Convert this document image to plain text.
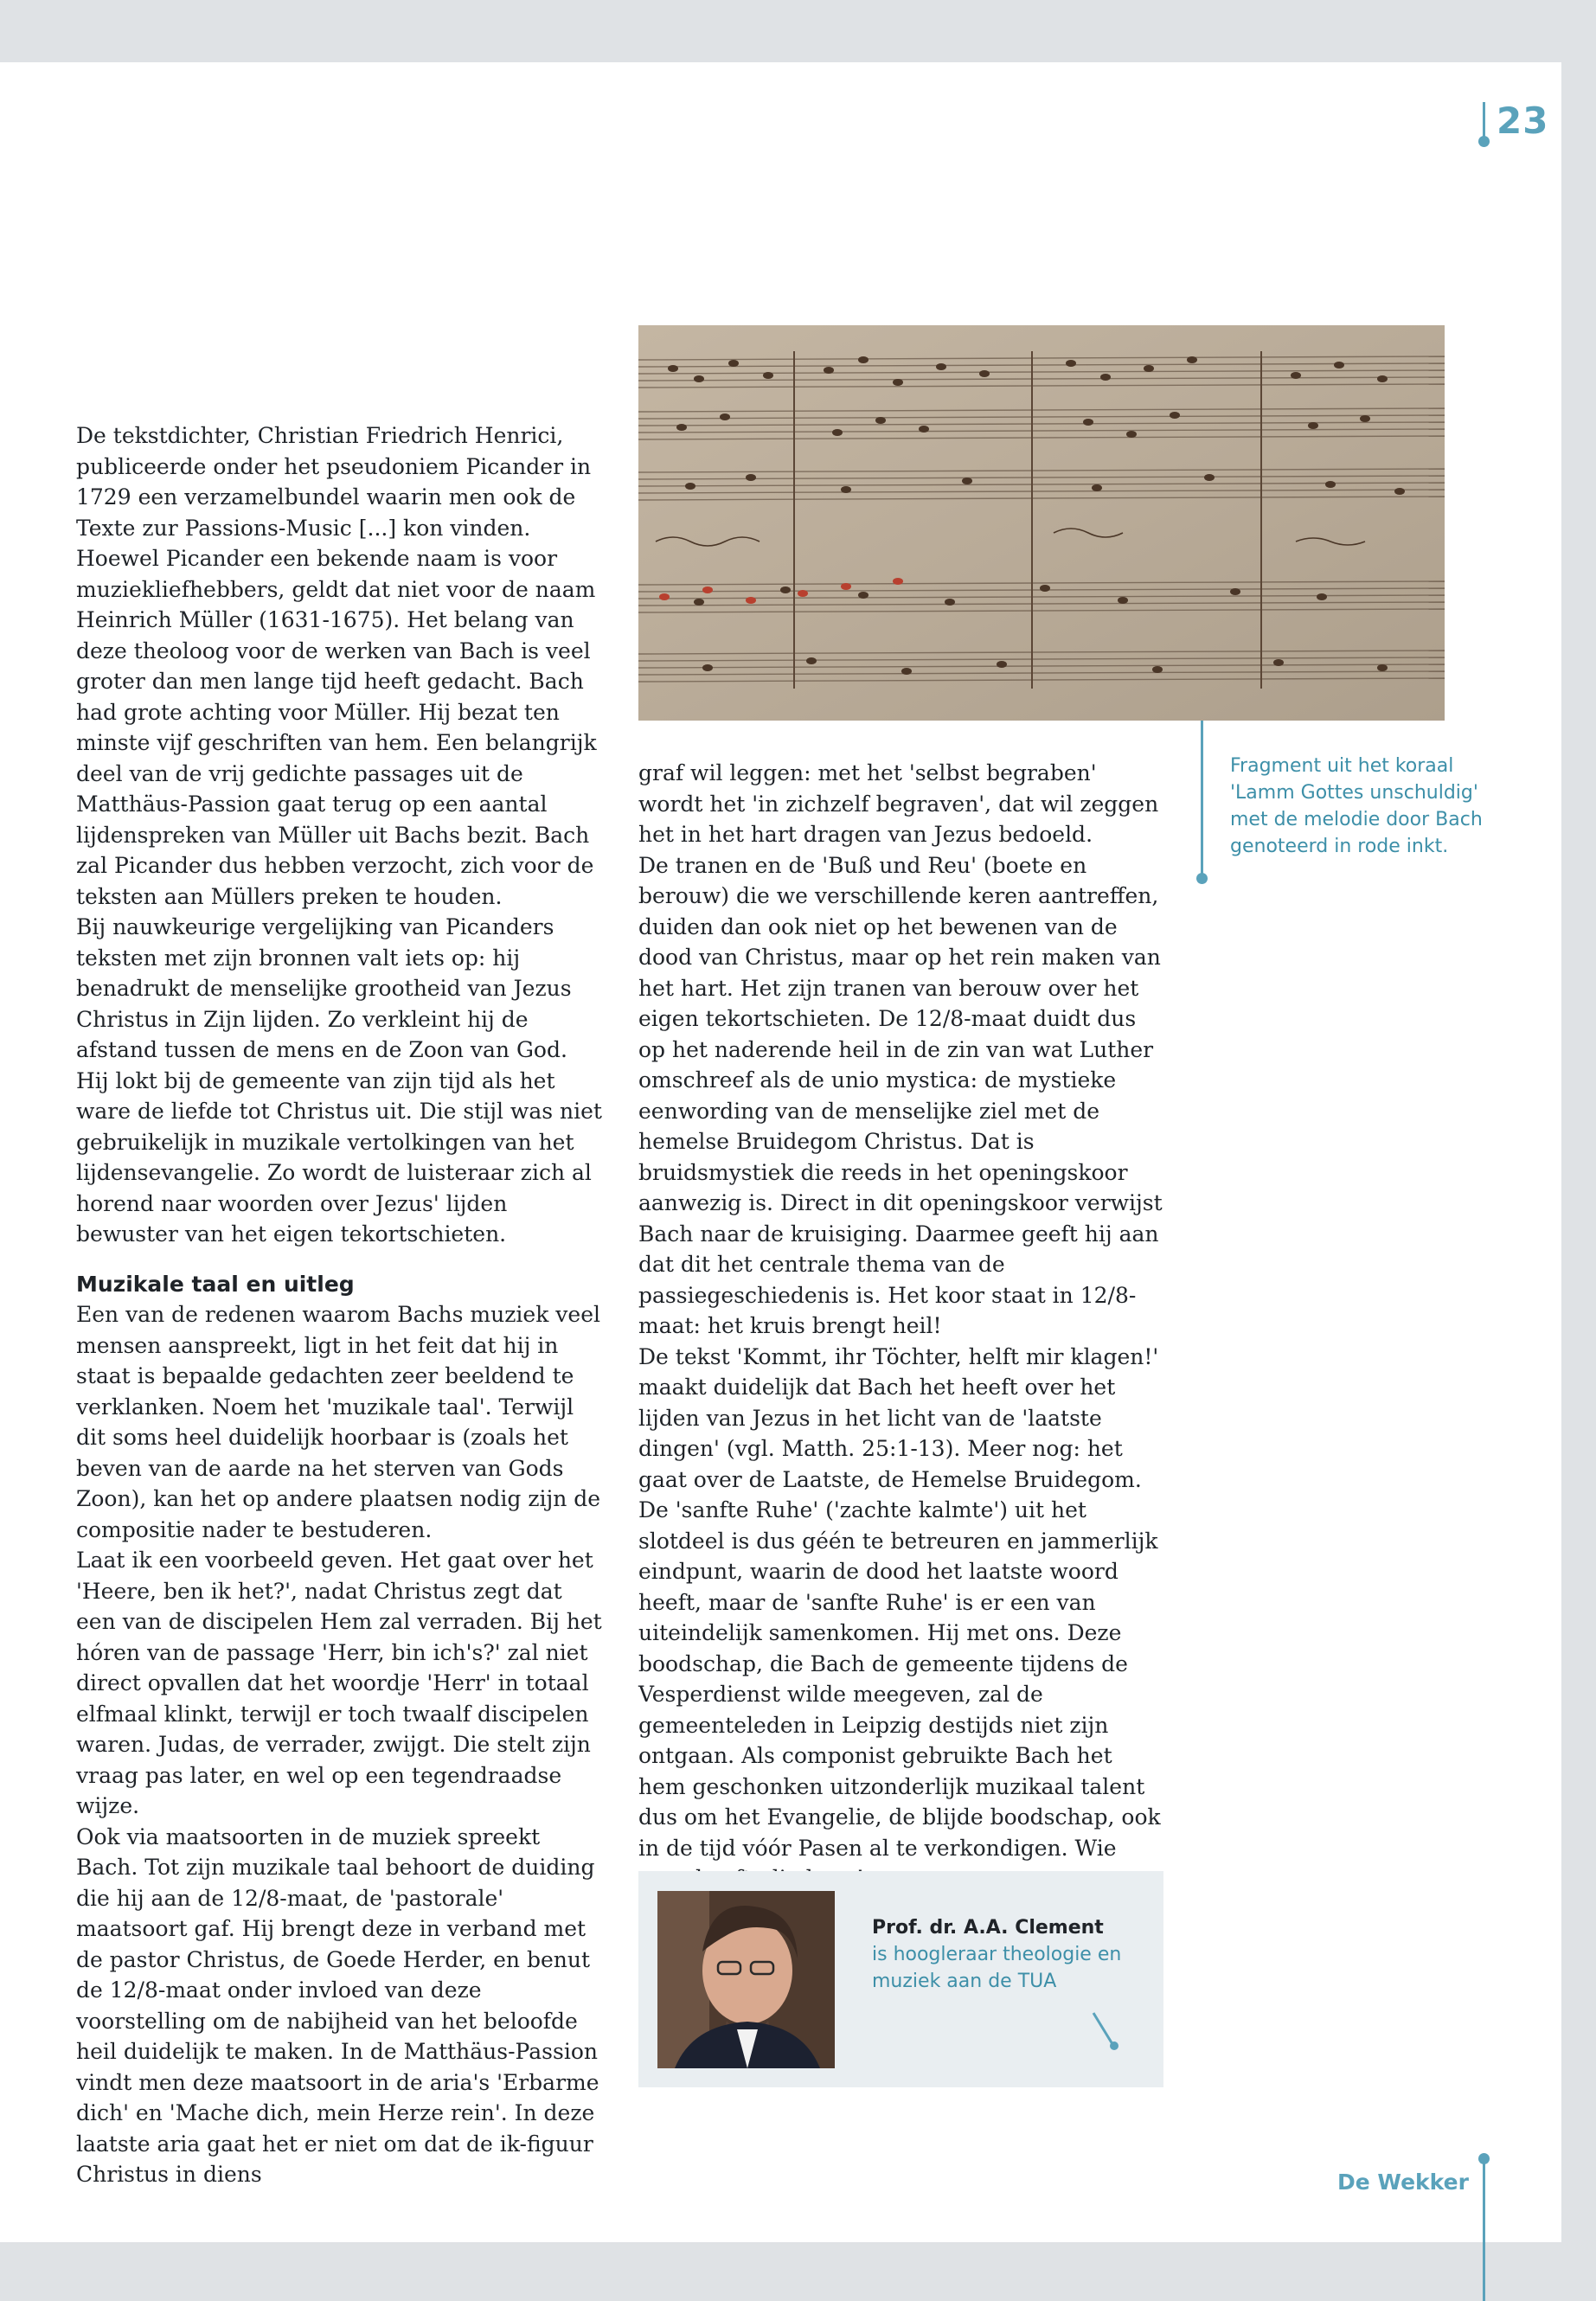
23

De tekstdichter, Christian Friedrich Henrici, publiceerde onder het pseudoniem Picander in 1729 een verzamelbundel waarin men ook de Texte zur Passions-Music [...] kon vinden. Hoewel Picander een bekende naam is voor muziekliefhebbers, geldt dat niet voor de naam Heinrich Müller (1631-1675). Het belang van deze theoloog voor de werken van Bach is veel groter dan men lange tijd heeft gedacht. Bach had grote achting voor Müller. Hij bezat ten minste vijf geschriften van hem. Een belangrijk deel van de vrij gedichte passages uit de Matthäus-Passion gaat terug op een aantal lijdenspreken van Müller uit Bachs bezit. Bach zal Picander dus hebben verzocht, zich voor de teksten aan Müllers preken te houden.

Bij nauwkeurige vergelijking van Picanders teksten met zijn bronnen valt iets op: hij benadrukt de menselijke grootheid van Jezus Christus in Zijn lijden. Zo verkleint hij de afstand tussen de mens en de Zoon van God. Hij lokt bij de gemeente van zijn tijd als het ware de liefde tot Christus uit. Die stijl was niet gebruikelijk in muzikale vertolkingen van het lijdensevangelie. Zo wordt de luisteraar zich al horend naar woorden over Jezus' lijden bewuster van het eigen tekortschieten.

Muzikale taal en uitleg

Een van de redenen waarom Bachs muziek veel mensen aanspreekt, ligt in het feit dat hij in staat is bepaalde gedachten zeer beeldend te verklanken. Noem het 'muzikale taal'. Terwijl dit soms heel duidelijk hoorbaar is (zoals het beven van de aarde na het sterven van Gods Zoon), kan het op andere plaatsen nodig zijn de compositie nader te bestuderen.

Laat ik een voorbeeld geven. Het gaat over het 'Heere, ben ik het?', nadat Christus zegt dat een van de discipelen Hem zal verraden. Bij het hóren van de passage 'Herr, bin ich's?' zal niet direct opvallen dat het woordje 'Herr' in totaal elfmaal klinkt, terwijl er toch twaalf discipelen waren. Judas, de verrader, zwijgt. Die stelt zijn vraag pas later, en wel op een tegendraadse wijze.

Ook via maatsoorten in de muziek spreekt Bach. Tot zijn muzikale taal behoort de duiding die hij aan de 12/8-maat, de 'pastorale' maatsoort gaf. Hij brengt deze in verband met de pastor Christus, de Goede Herder, en benut de 12/8-maat onder invloed van deze voorstelling om de nabijheid van het beloofde heil duidelijk te maken. In de Matthäus-Passion vindt men deze maatsoort in de aria's 'Erbarme dich' en 'Mache dich, mein Herze rein'. In deze laatste aria gaat het er niet om dat de ik-figuur Christus in diens

Fragment uit het koraal 'Lamm Gottes unschuldig' met de melodie door Bach genoteerd in rode inkt.

graf wil leggen: met het 'selbst begraben' wordt het 'in zichzelf begraven', dat wil zeggen het in het hart dragen van Jezus bedoeld.

De tranen en de 'Buß und Reu' (boete en berouw) die we verschillende keren aantreffen, duiden dan ook niet op het bewenen van de dood van Christus, maar op het rein maken van het hart. Het zijn tranen van berouw over het eigen tekortschieten. De 12/8-maat duidt dus op het naderende heil in de zin van wat Luther omschreef als de unio mystica: de mystieke eenwording van de menselijke ziel met de hemelse Bruidegom Christus. Dat is bruidsmystiek die reeds in het openingskoor aanwezig is. Direct in dit openingskoor verwijst Bach naar de kruisiging. Daarmee geeft hij aan dat dit het centrale thema van de passiegeschiedenis is. Het koor staat in 12/8-maat: het kruis brengt heil!

De tekst 'Kommt, ihr Töchter, helft mir klagen!' maakt duidelijk dat Bach het heeft over het lijden van Jezus in het licht van de 'laatste dingen' (vgl. Matth. 25:1-13). Meer nog: het gaat over de Laatste, de Hemelse Bruidegom. De 'sanfte Ruhe' ('zachte kalmte') uit het slotdeel is dus géén te betreuren en jammerlijk eindpunt, waarin de dood het laatste woord heeft, maar de 'sanfte Ruhe' is er een van uiteindelijk samenkomen. Hij met ons. Deze boodschap, die Bach de gemeente tijdens de Vesperdienst wilde meegeven, zal de gemeenteleden in Leipzig destijds niet zijn ontgaan. Als componist gebruikte Bach het hem geschonken uitzonderlijk muzikaal talent dus om het Evangelie, de blijde boodschap, ook in de tijd vóór Pasen al te verkondigen. Wie

Prof. dr. A.A. Clement
is hoogleraar theologie en muziek aan de TUA
De Wekker
